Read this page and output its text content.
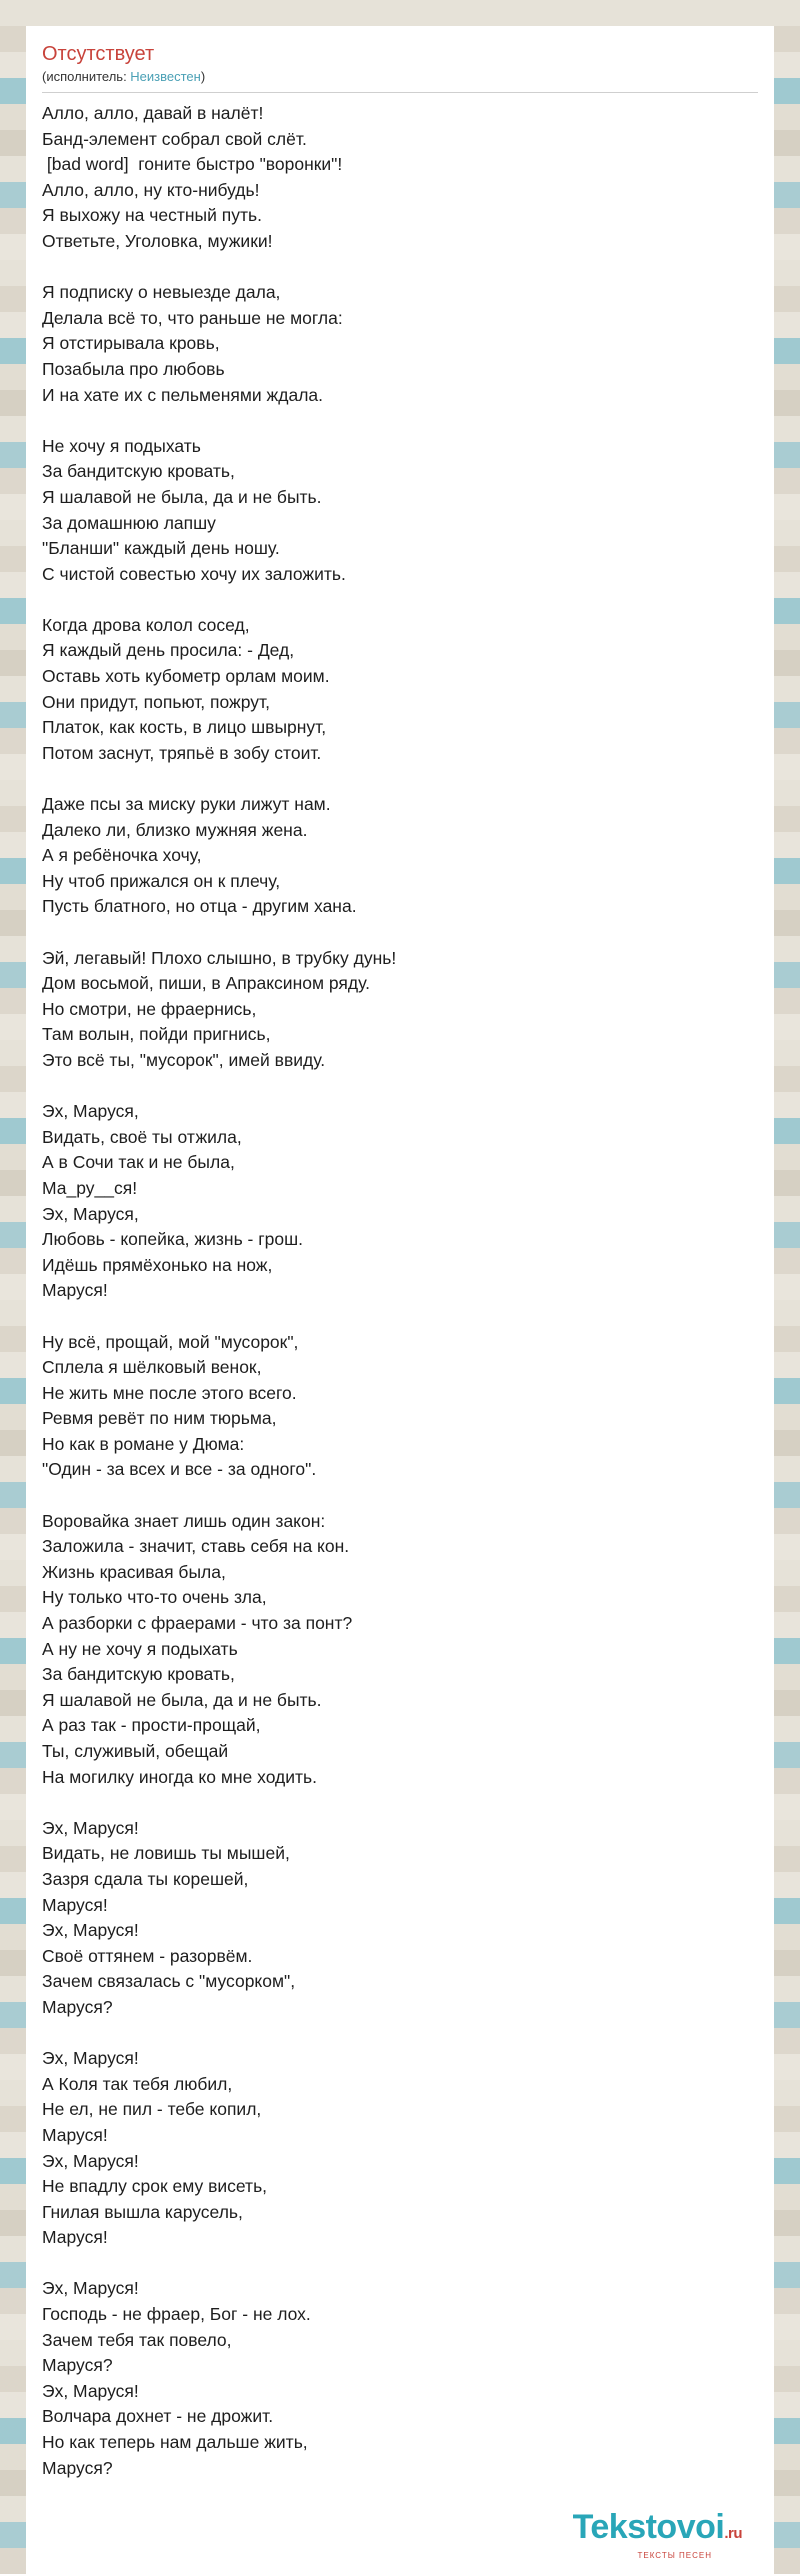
Отсутствует
(исполнитель: Неизвестен)
Алло, алло, давай в налёт!
Банд-элемент собрал свой слёт.
[bad word]  гоните быстро "воронки"!
Алло, алло, ну кто-нибудь!
Я выхожу на честный путь.
Ответьте, Уголовка, мужики!
Я подписку о невыезде дала,
Делала всё то, что раньше не могла:
Я отстирывала кровь,
Позабыла про любовь
И на хате их с пельменями ждала.
Не хочу я подыхать
За бандитскую кровать,
Я шалавой не была, да и не быть.
За домашнюю лапшу
"Бланши" каждый день ношу.
С чистой совестью хочу их заложить.
Когда дрова колол сосед,
Я каждый день просила: - Дед,
Оставь хоть кубометр орлам моим.
Они придут, попьют, пожрут,
Платок, как кость, в лицо швырнут,
Потом заснут, тряпьё в зобу стоит.
Даже псы за миску руки лижут нам.
Далеко ли, близко мужняя жена.
А я ребёночка хочу,
Ну чтоб прижался он к плечу,
Пусть блатного, но отца - другим хана.
Эй, легавый! Плохо слышно, в трубку дунь!
Дом восьмой, пиши, в Апраксином ряду.
Но смотри, не фраернись,
Там волын, пойди пригнись,
Это всё ты, "мусорок", имей ввиду.
Эх, Маруся,
Видать, своё ты отжила,
А в Сочи так и не была,
Ма_ру__ся!
Эх, Маруся,
Любовь - копейка, жизнь - грош.
Идёшь прямёхонько на нож,
Маруся!
Ну всё, прощай, мой "мусорок",
Сплела я шёлковый венок,
Не жить мне после этого всего.
Ревмя ревёт по ним тюрьма,
Но как в романе у Дюма:
"Один - за всех и все - за одного".
Воровайка знает лишь один закон:
Заложила - значит, ставь себя на кон.
Жизнь красивая была,
Ну только что-то очень зла,
А разборки с фраерами - что за понт?
А ну не хочу я подыхать
За бандитскую кровать,
Я шалавой не была, да и не быть.
А раз так - прости-прощай,
Ты, служивый, обещай
На могилку иногда ко мне ходить.
Эх, Маруся!
Видать, не ловишь ты мышей,
Зазря сдала ты корешей,
Маруся!
Эх, Маруся!
Своё оттянем - разорвём.
Зачем связалась с "мусорком",
Маруся?
Эх, Маруся!
А Коля так тебя любил,
Не ел, не пил - тебе копил,
Маруся!
Эх, Маруся!
Не впадлу срок ему висеть,
Гнилая вышла карусель,
Маруся!
Эх, Маруся!
Господь - не фраер, Бог - не лох.
Зачем тебя так повело,
Маруся?
Эх, Маруся!
Волчара дохнет - не дрожит.
Но как теперь нам дальше жить,
Маруся?
Tekstovoi.ru
ТЕКСТЫ ПЕСЕН
